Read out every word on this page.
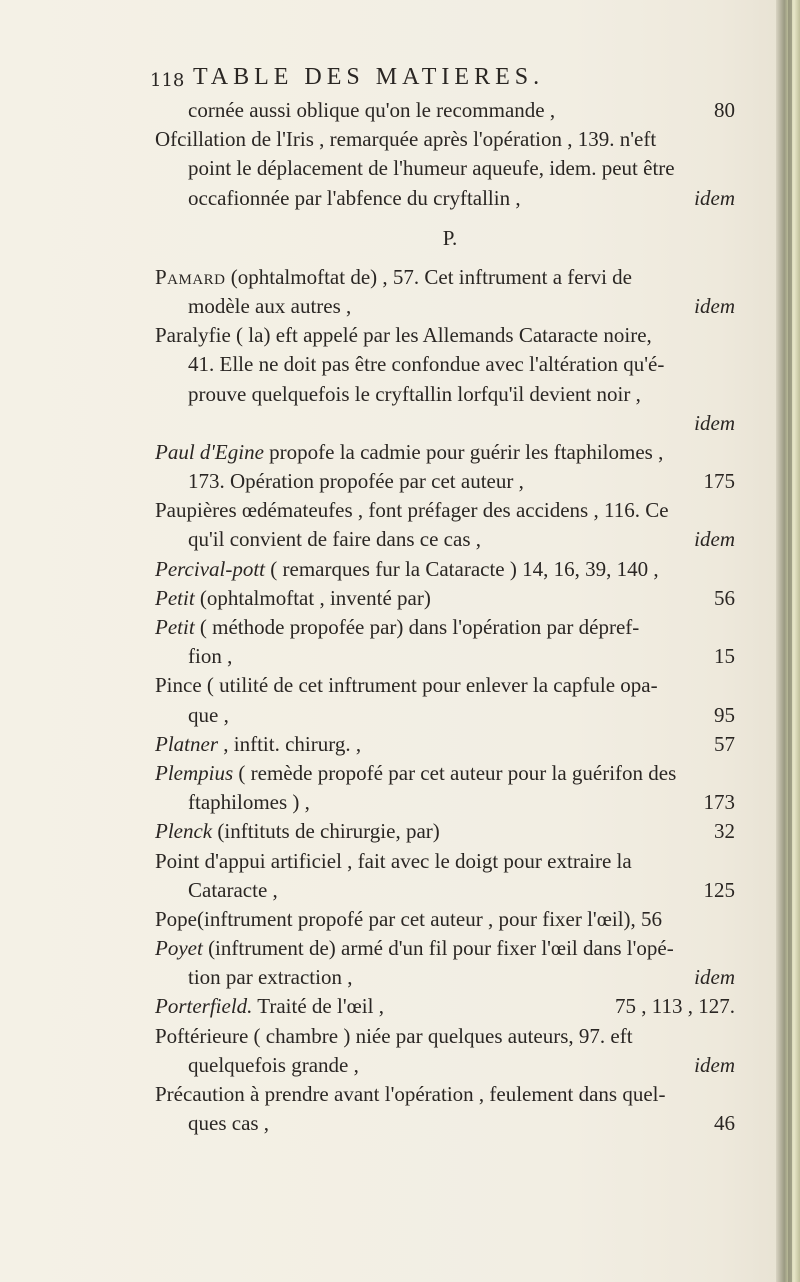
118 TABLE DES MATIERES.
cornée aussi oblique qu'on le recommande ,	80
Ofcillation de l'Iris , remarquée après l'opération , 139. n'eft
point le déplacement de l'humeur aqueufe, idem. peut être
occafionnée par l'abfence du cryftallin ,	idem
P.
Pamard (ophtalmoftat de) , 57. Cet inftrument a fervi de
modèle aux autres ,	idem
Paralyfie ( la) eft appelé par les Allemands Cataracte noire,
41. Elle ne doit pas être confondue avec l'altération qu'é-
prouve quelquefois le cryftallin lorfqu'il devient noir ,
idem
Paul d'Egine propofe la cadmie pour guérir les ftaphilomes ,
173. Opération propofée par cet auteur ,	175
Paupières œdémateufes , font préfager des accidens , 116. Ce
qu'il convient de faire dans ce cas ,	idem
Percival-pott ( remarques fur la Cataracte ) 14, 16, 39, 140 ,
Petit (ophtalmoftat , inventé par)	56
Petit ( méthode propofée par) dans l'opération par dépref-
fion ,	15
Pince ( utilité de cet inftrument pour enlever la capfule opa-
que ,	95
Platner , inftit. chirurg. ,	57
Plempius ( remède propofé par cet auteur pour la guérifon des
ftaphilomes ) ,	173
Plenck (inftituts de chirurgie, par)	32
Point d'appui artificiel , fait avec le doigt pour extraire la
Cataracte ,	125
Pope(inftrument propofé par cet auteur , pour fixer l'œil), 56
Poyet (inftrument de) armé d'un fil pour fixer l'œil dans l'opé-
tion par extraction ,	idem
Porterfield. Traité de l'œil ,	75 , 113 , 127.
Poftérieure ( chambre ) niée par quelques auteurs, 97. eft
quelquefois grande ,	idem
Précaution à prendre avant l'opération , feulement dans quel-
ques cas ,	46
